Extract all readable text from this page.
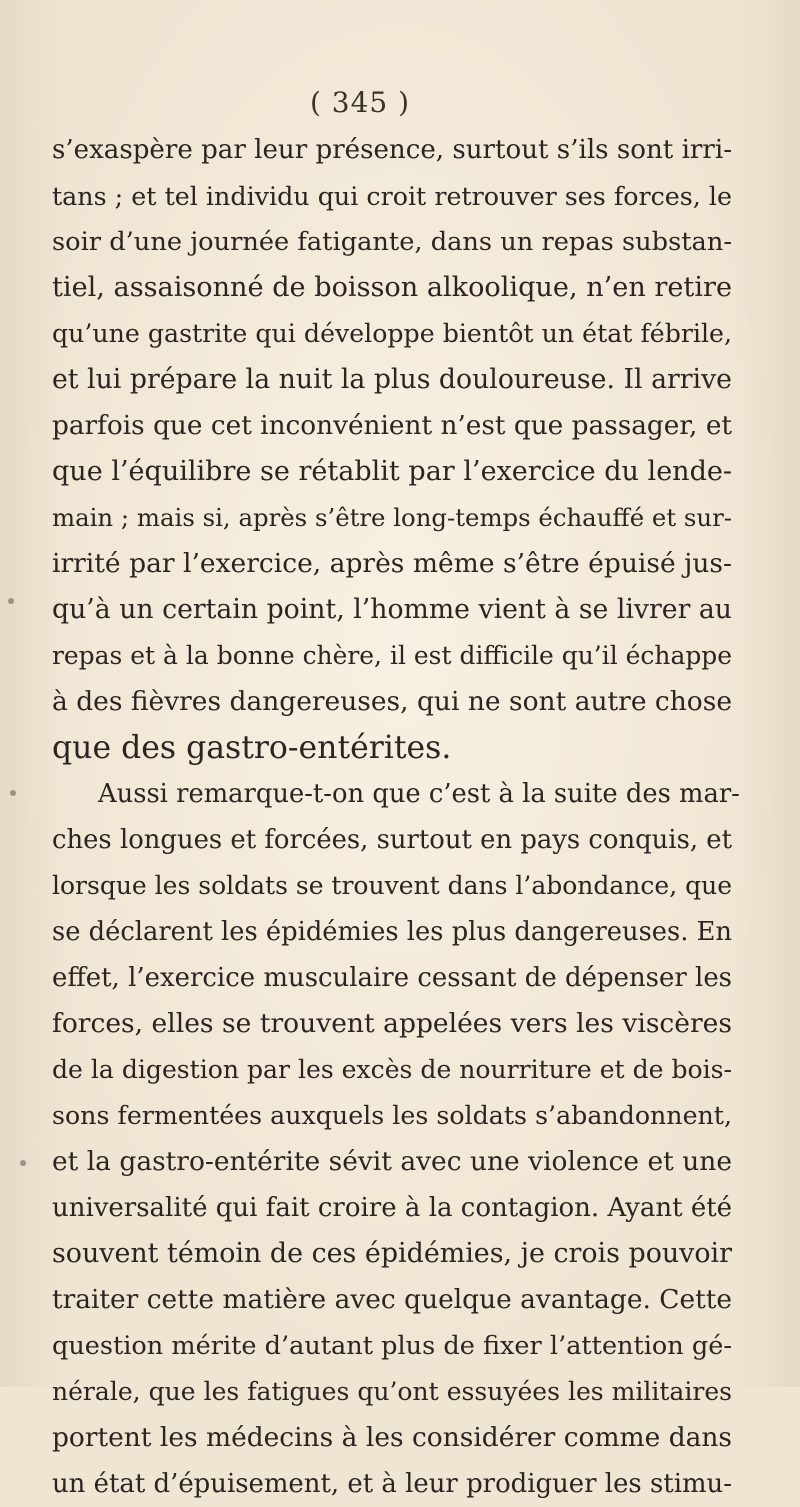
( 345 )
s’exaspère par leur présence, surtout s’ils sont irri-
tans ; et tel individu qui croit retrouver ses forces, le
soir d’une journée fatigante, dans un repas substan-
tiel, assaisonné de boisson alkoolique, n’en retire
qu’une gastrite qui développe bientôt un état fébrile,
et lui prépare la nuit la plus douloureuse. Il arrive
parfois que cet inconvénient n’est que passager, et
que l’équilibre se rétablit par l’exercice du lende-
main ; mais si, après s’être long-temps échauffé et sur-
irrité par l’exercice, après même s’être épuisé jus-
qu’à un certain point, l’homme vient à se livrer au
repas et à la bonne chère, il est difficile qu’il échappe
à des fièvres dangereuses, qui ne sont autre chose
que des gastro-entérites.
Aussi remarque-t-on que c’est à la suite des mar-
ches longues et forcées, surtout en pays conquis, et
lorsque les soldats se trouvent dans l’abondance, que
se déclarent les épidémies les plus dangereuses. En
effet, l’exercice musculaire cessant de dépenser les
forces, elles se trouvent appelées vers les viscères
de la digestion par les excès de nourriture et de bois-
sons fermentées auxquels les soldats s’abandonnent,
et la gastro-entérite sévit avec une violence et une
universalité qui fait croire à la contagion. Ayant été
souvent témoin de ces épidémies, je crois pouvoir
traiter cette matière avec quelque avantage. Cette
question mérite d’autant plus de fixer l’attention gé-
nérale, que les fatigues qu’ont essuyées les militaires
portent les médecins à les considérer comme dans
un état d’épuisement, et à leur prodiguer les stimu-
